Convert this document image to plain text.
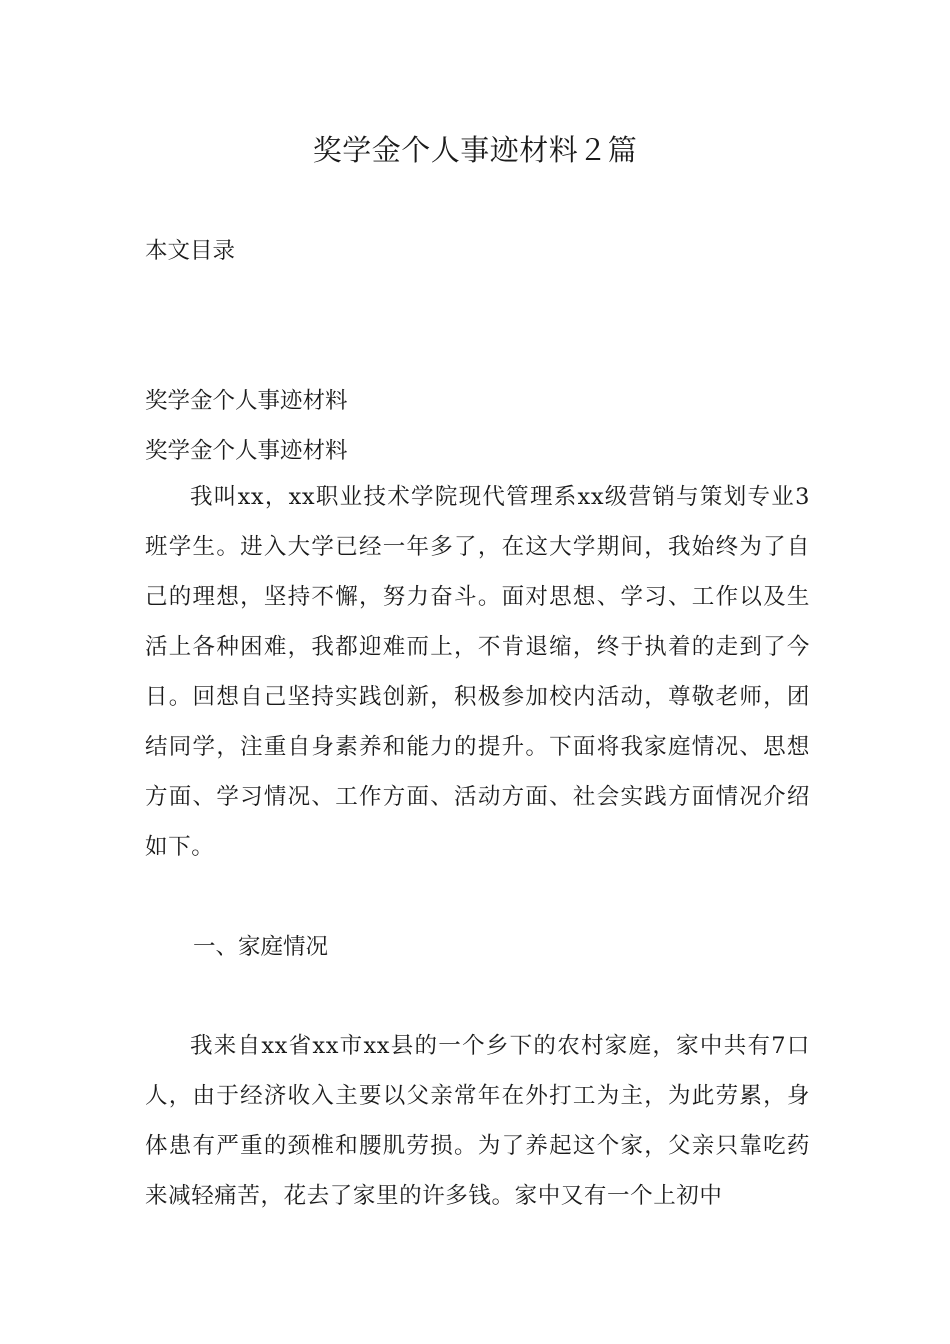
奖学金个人事迹材料２篇
本文目录
奖学金个人事迹材料
奖学金个人事迹材料
我叫xx，xx职业技术学院现代管理系xx级营销与策划专业3班学生。进入大学已经一年多了，在这大学期间，我始终为了自己的理想，坚持不懈，努力奋斗。面对思想、学习、工作以及生活上各种困难，我都迎难而上，不肯退缩，终于执着的走到了今日。回想自己坚持实践创新，积极参加校内活动，尊敬老师，团结同学，注重自身素养和能力的提升。下面将我家庭情况、思想方面、学习情况、工作方面、活动方面、社会实践方面情况介绍如下。
一、家庭情况
我来自xx省xx市xx县的一个乡下的农村家庭，家中共有7口人，由于经济收入主要以父亲常年在外打工为主，为此劳累，身体患有严重的颈椎和腰肌劳损。为了养起这个家，父亲只靠吃药来减轻痛苦，花去了家里的许多钱。家中又有一个上初中
